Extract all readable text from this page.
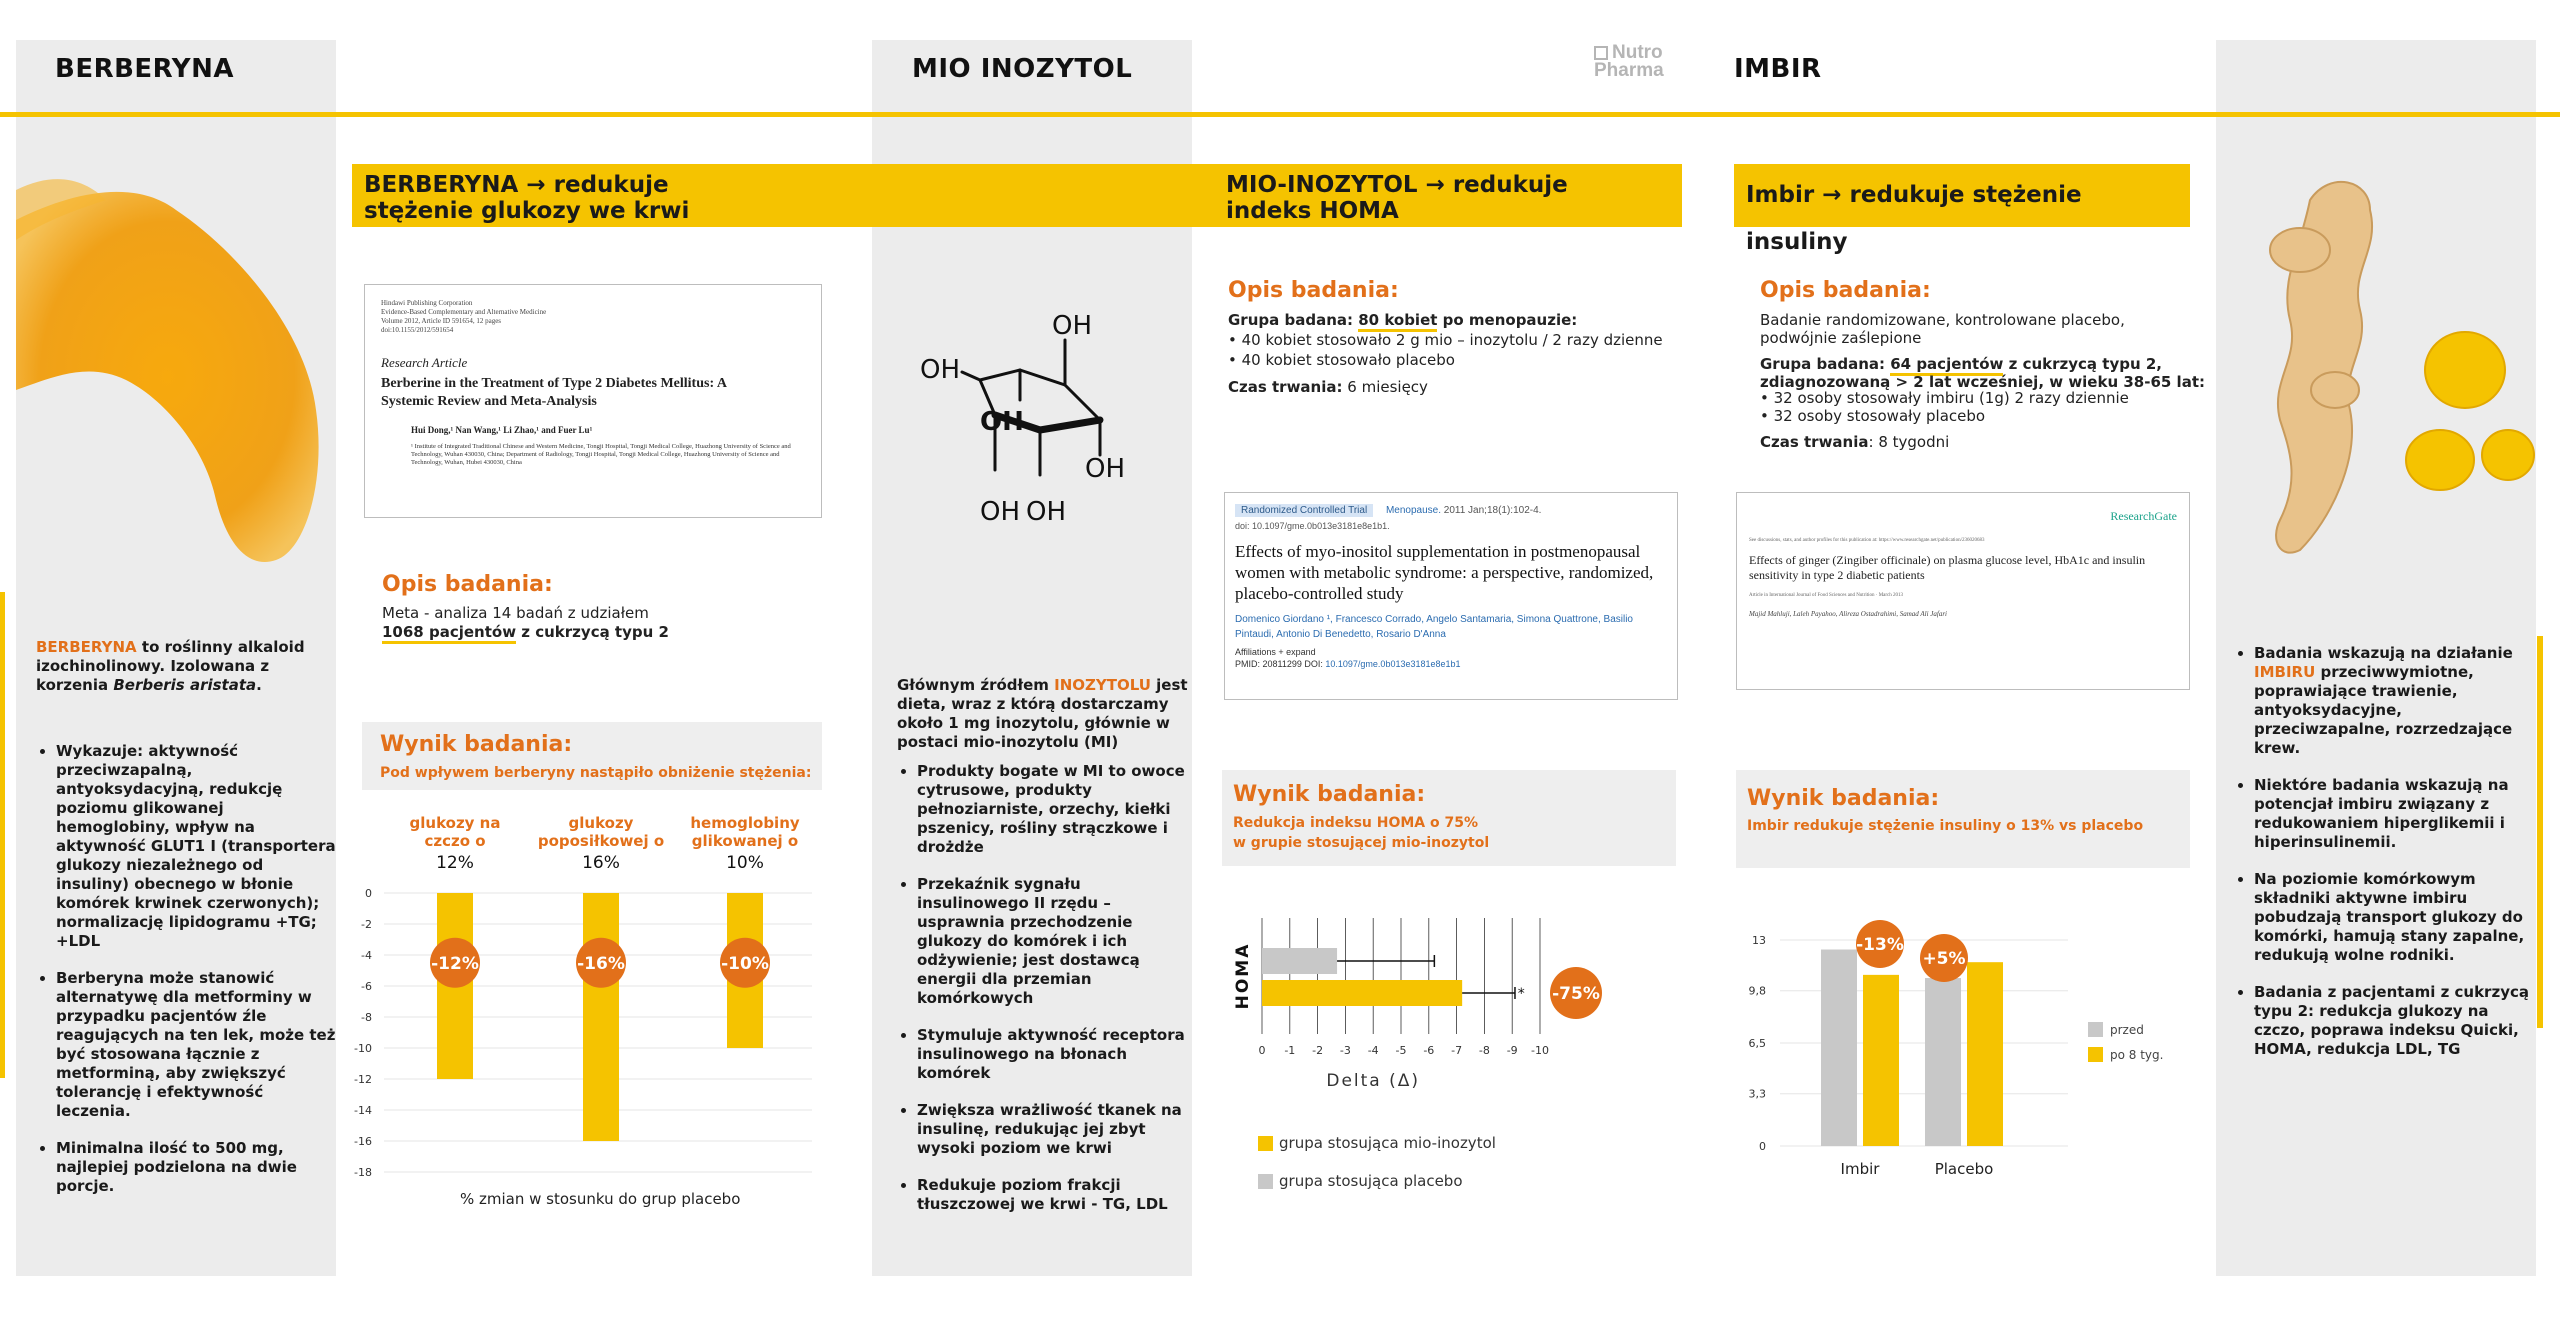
BERBERYNA	MIO INOZYTOL	IMBIR
Nutro
Pharma
BERBERYNA to roślinny alkaloid izochinolinowy. Izolowana z korzenia Berberis aristata.
• Wykazuje: aktywność przeciwzapalną, antyoksydacyjną, redukcję poziomu glikowanej hemoglobiny, wpływ na aktywność GLUT1 I (transportera glukozy niezależnego od insuliny) obecnego w błonie komórek krwinek czerwonych); normalizację lipidogramu +TG; +LDL
• Berberyna może stanowić alternatywę dla metforminy w przypadku pacjentów źle reagujących na ten lek, może też być stosowana łącznie z metforminą, aby zwiększyć tolerancję i efektywność leczenia.
• Minimalna ilość to 500 mg, najlepiej podzielona na dwie porcje.
BERBERYNA → redukuje stężenie glukozy we krwi
Hindawi Publishing Corporation
Evidence-Based Complementary and Alternative Medicine
Volume 2012, Article ID 591654, 12 pages
doi:10.1155/2012/591654
Research Article
Berberine in the Treatment of Type 2 Diabetes Mellitus: A Systemic Review and Meta-Analysis
Hui Dong,¹ Nan Wang,¹ Li Zhao,¹ and Fuer Lu¹
¹ Institute of Integrated Traditional Chinese and Western Medicine, Tongji Hospital, Tongji Medical College, Huazhong University of Science and Technology, Wuhan 430030, China; Department of Radiology, Tongji Hospital, Tongji Medical College, Huazhong University of Science and Technology, Wuhan, Hubei 430030, China
Opis badania:
Meta - analiza 14 badań z udziałem
1068 pacjentów z cukrzycą typu 2
Wynik badania:
Pod wpływem berberyny nastąpiło obniżenie stężenia:
0
-2
-4
-6
-8
-10
-12
-14
-16
-18
glukozy na
czczo o
12%
-12%
glukozy
poposiłkowej o
16%
-16%
hemoglobiny
glikowanej o
10%
-10%
% zmian w stosunku do grup placebo
OH
OH
OH
OH
OH OH
Głównym źródłem INOZYTOLU jest dieta, wraz z którą dostarczamy około 1 mg inozytolu, głównie w postaci mio-inozytolu (MI)
• Produkty bogate w MI to owoce cytrusowe, produkty pełnoziarniste, orzechy, kiełki pszenicy, rośliny strączkowe i drożdże
• Przekaźnik sygnału insulinowego II rzędu – usprawnia przechodzenie glukozy do komórek i ich odżywienie; jest dostawcą energii dla przemian komórkowych
• Stymuluje aktywność receptora insulinowego na błonach komórek
• Zwiększa wrażliwość tkanek na insulinę, redukując jej zbyt wysoki poziom we krwi
• Redukuje poziom frakcji tłuszczowej we krwi - TG, LDL
MIO-INOZYTOL → redukuje indeks HOMA
Opis badania:
Grupa badana: 80 kobiet po menopauzie:
• 40 kobiet stosowało 2 g mio – inozytolu / 2 razy dzienne
• 40 kobiet stosowało placebo
Czas trwania: 6 miesięcy
Randomized Controlled Trial Menopause. 2011 Jan;18(1):102-4.
doi: 10.1097/gme.0b013e3181e8e1b1.
Effects of myo-inositol supplementation in postmenopausal women with metabolic syndrome: a perspective, randomized, placebo-controlled study
Domenico Giordano ¹, Francesco Corrado, Angelo Santamaria, Simona Quattrone, Basilio Pintaudi, Antonio Di Benedetto, Rosario D'Anna
Affiliations + expand
PMID: 20811299 DOI: 10.1097/gme.0b013e3181e8e1b1
Wynik badania:
Redukcja indeksu HOMA o 75%
w grupie stosującej mio-inozytol
0 -1 -2 -3 -4 -5 -6 -7 -8 -9 -10
* -75%
HOMA
Delta (Δ)
grupa stosująca mio-inozytol
grupa stosująca placebo
Imbir → redukuje stężenie insuliny
Opis badania:
Badanie randomizowane, kontrolowane placebo,
podwójnie zaślepione
Grupa badana: 64 pacjentów z cukrzycą typu 2,
zdiagnozowaną > 2 lat wcześniej, w wieku 38-65 lat:
• 32 osoby stosowały imbiru (1g) 2 razy dziennie
• 32 osoby stosowały placebo
Czas trwania: 8 tygodni
ResearchGate
See discussions, stats, and author profiles for this publication at: https://www.researchgate.net/publication/236020683
Effects of ginger (Zingiber officinale) on plasma glucose level, HbA1c and insulin sensitivity in type 2 diabetic patients
Article in International Journal of Food Sciences and Nutrition · March 2013
Majid Mahluji, Laleh Payahoo, Alireza Ostadrahimi, Samad Ali Jafari
Wynik badania:
Imbir redukuje stężenie insuliny o 13% vs placebo
13
9,8
6,5
3,3
0
Imbir
-13%
Placebo
+5%
przed
po 8 tyg.
• Badania wskazują na działanie IMBIRU przeciwwymiotne, poprawiające trawienie, antyoksydacyjne, przeciwzapalne, rozrzedzające krew.
• Niektóre badania wskazują na potencjał imbiru związany z redukowaniem hiperglikemii i hiperinsulinemii.
• Na poziomie komórkowym składniki aktywne imbiru pobudzają transport glukozy do komórki, hamują stany zapalne, redukują wolne rodniki.
• Badania z pacjentami z cukrzycą typu 2: redukcja glukozy na czczo, poprawa indeksu Quicki, HOMA, redukcja LDL, TG
